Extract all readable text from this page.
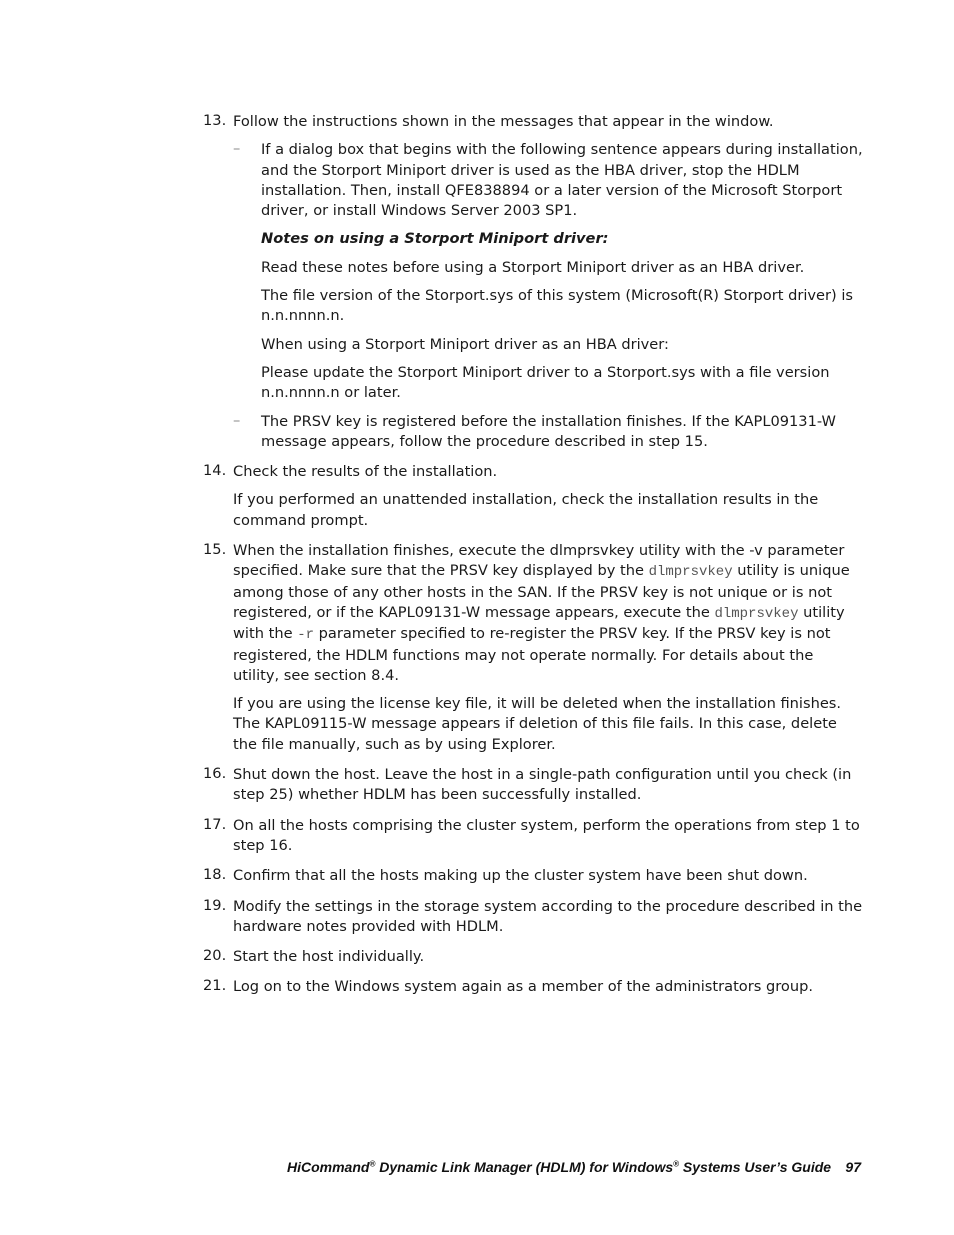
13. Follow the instructions shown in the messages that appear in the window.

– If a dialog box that begins with the following sentence appears during installation, and the Storport Miniport driver is used as the HBA driver, stop the HDLM installation. Then, install QFE838894 or a later version of the Microsoft Storport driver, or install Windows Server 2003 SP1.

Notes on using a Storport Miniport driver:

Read these notes before using a Storport Miniport driver as an HBA driver.

The file version of the Storport.sys of this system (Microsoft(R) Storport driver) is n.n.nnnn.n.

When using a Storport Miniport driver as an HBA driver:

Please update the Storport Miniport driver to a Storport.sys with a file version n.n.nnnn.n or later.

– The PRSV key is registered before the installation finishes. If the KAPL09131-W message appears, follow the procedure described in step 15.

14. Check the results of the installation.

If you performed an unattended installation, check the installation results in the command prompt.

15. When the installation finishes, execute the dlmprsvkey utility with the -v parameter specified. Make sure that the PRSV key displayed by the dlmprsvkey utility is unique among those of any other hosts in the SAN. If the PRSV key is not unique or is not registered, or if the KAPL09131-W message appears, execute the dlmprsvkey utility with the -r parameter specified to re-register the PRSV key. If the PRSV key is not registered, the HDLM functions may not operate normally. For details about the utility, see section 8.4.

If you are using the license key file, it will be deleted when the installation finishes. The KAPL09115-W message appears if deletion of this file fails. In this case, delete the file manually, such as by using Explorer.

16. Shut down the host. Leave the host in a single-path configuration until you check (in step 25) whether HDLM has been successfully installed.

17. On all the hosts comprising the cluster system, perform the operations from step 1 to step 16.

18. Confirm that all the hosts making up the cluster system have been shut down.

19. Modify the settings in the storage system according to the procedure described in the hardware notes provided with HDLM.

20. Start the host individually.

21. Log on to the Windows system again as a member of the administrators group.

HiCommand® Dynamic Link Manager (HDLM) for Windows® Systems User’s Guide 97
